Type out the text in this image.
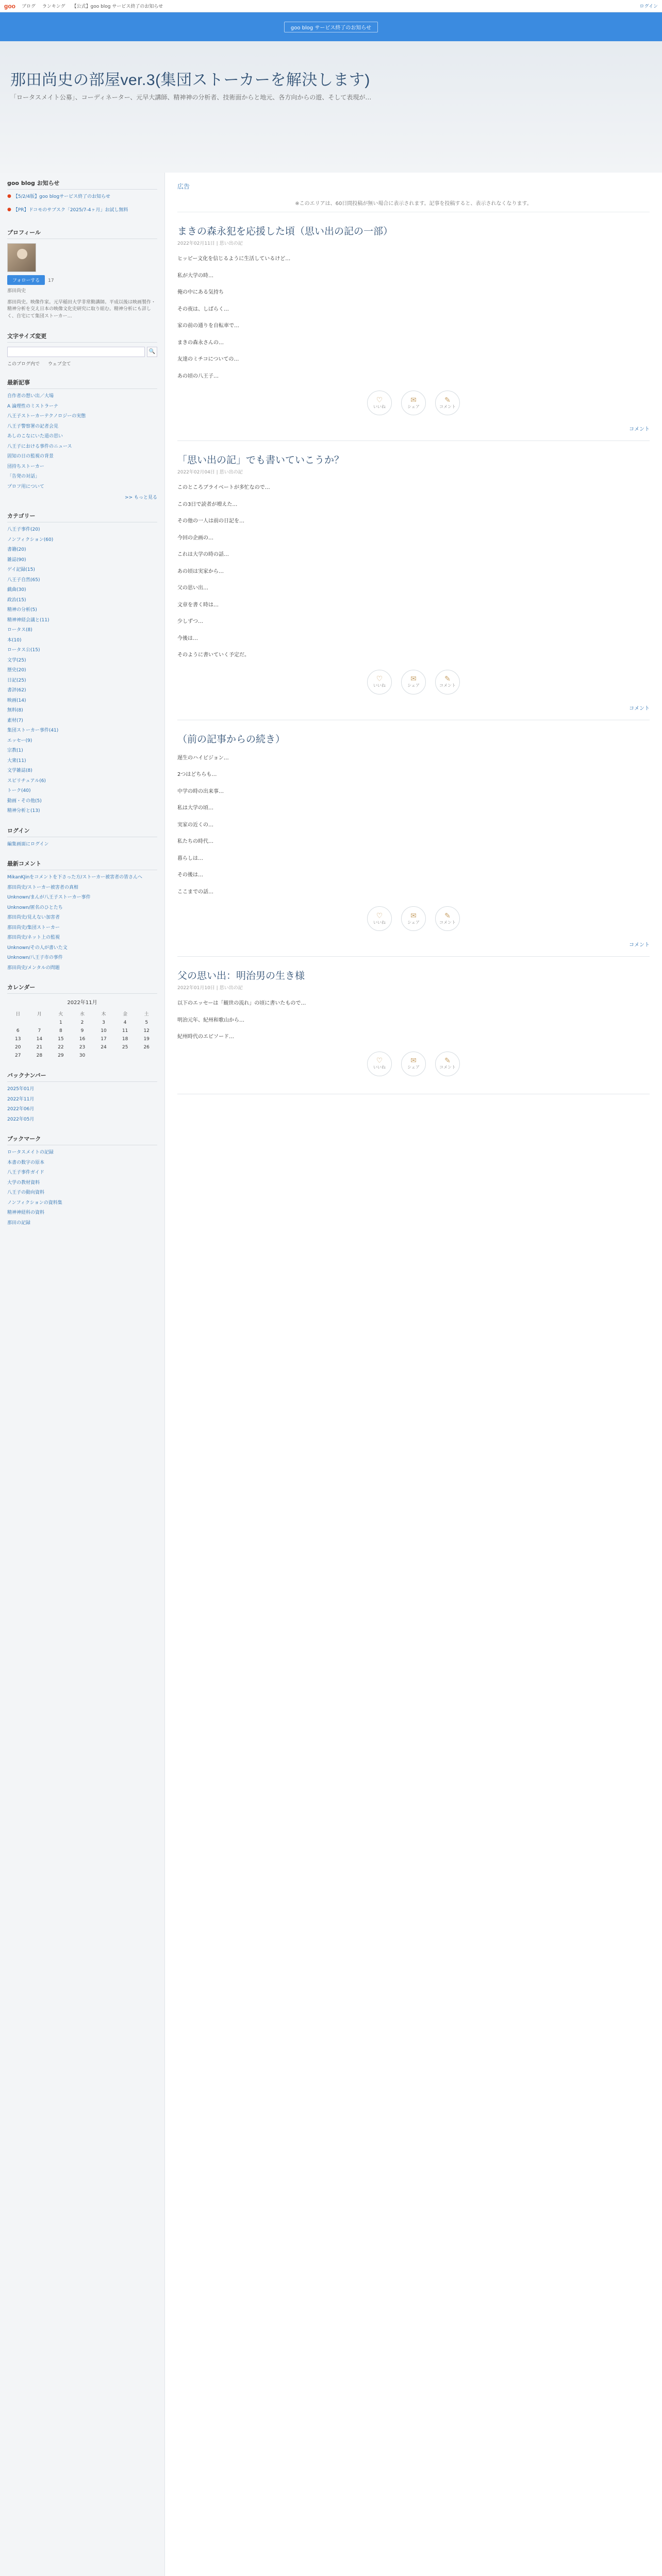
goo ブログ ランキング 【公式】goo blog サービス終了のお知らせ	ログイン
goo blog サービス終了のお知らせ
那田尚史の部屋ver.3(集団ストーカーを解決します)
「ロータスメイト公募」、コーディネーター、元早大講師、精神神の分析者、技術面からと地元、各方向からの遊、そして表現が…
goo blog お知らせ
● 【5/2/4版】goo blogサービス終了のお知らせ
● 【PR】ドコモのサブスク「2025/7-4ヶ月」お試し無料
プロフィール
フォローする 17
那田尚史
那田尚史。映像作家。元早稲田大学非常勤講師。平成以後は映画製作・精神分析を交え日本の映像文化史研究に取り組む。精神分析にも詳しく、自宅にて集団ストーカー…
文字サイズ変更
🔍
このブログ内で ウェブ全て
最新記事
自作者の想い出／大場
A 論理性のミストラーナ
八王子ストーカーテクノロジーの実態
八王子警察署の記者会見
あしのこなにいた道の思い
八王子における事件のニュース
固知の日の監視の背景
団持ちストーカー
「告発の対話」
プロフ用について
>> もっと見る
カテゴリー
八王子事件(20)
ノンフィクション(60)
書籍(20)
雑誌(90)
ゲイ記録(15)
八王子自然(65)
戯曲(30)
政治(15)
精神の分析(5)
精神神経会議と(11)
ロータス(8)
本(10)
ロータス公(15)
文学(25)
歴史(20)
日記(25)
書評(62)
映画(14)
無料(8)
素材(7)
集団ストーカー事件(41)
エッセー(9)
宗教(1)
大衆(11)
文学雑誌(8)
スピリチュアル(6)
トーク(40)
動画・その他(5)
精神分析と(13)
ログイン
編集画面にログイン
最新コメント
MikanKJinをコメントを下さった方/ストーカー被害者の皆さんへ
那田尚史/ストーカー被害者の真相
Unknown/まんが八王子ストーカー事件
Unknown/匿名のひとたち
那田尚史/見えない加害者
那田尚史/集団ストーカー
那田尚史/ネット上の監視
Unknown/その人が書いた文
Unknown/八王子市の事件
那田尚史/メンタルの問題
カレンダー
2022年11月
日	月	火	水	木	金	土
		1	2	3	4	5
6	7	8	9	10	11	12
13	14	15	16	17	18	19
20	21	22	23	24	25	26
27	28	29	30			
バックナンバー
2025年01月
2022年11月
2022年06月
2022年05月
ブックマーク
ロータスメイトの記録
本書の数字の原本
八王子事件ガイド
大学の教材資料
八王子の動向資料
ノンフィクションの資料集
精神神経科の資料
那田の記録
広告
※このエリアは、60日間投稿が無い場合に表示されます。記事を投稿すると、表示されなくなります。
まきの森永犯を応援した頃（思い出の記の一部）
2022年02月11日 | 思い出の記

ヒッピー文化を信じるように生活しているけど…

私が大学の時…

俺の中にある気持ち

その夜は、しばらく…

家の前の通りを自転車で…

まきの森永さんの…

友達のミチコについての…

あの頃の八王子…

♡
いいね
✉
シェア
✎
コメント
コメント
「思い出の記」でも書いていこうか？
2022年02月04日 | 思い出の記

このところブライベートが多忙なので…

この3日で読者が増えた…

その他の一人は前の日記を…

今回の企画の…

これは大学の時の話…

あの頃は実家から…

父の思い出…

文章を書く時は…

少しずつ…

今後は…

そのように書いていく予定だ。

♡
いいね
✉
シェア
✎
コメント
コメント
（前の記事からの続き）

遅生のハイビジョン…

2つはどちらも…

中学の時の出来事…

私は大学の頃…

実家の近くの…

私たちの時代…

暮らしは…

その後は…

ここまでの話…

♡
いいね
✉
シェア
✎
コメント
コメント
父の思い出：明治男の生き様
2022年01月10日 | 思い出の記

以下のエッセーは「観世の流れ」の頃に書いたもので…

明治元年、紀州和歌山から…

紀州時代のエピソード…

♡
いいね
✉
シェア
✎
コメント
